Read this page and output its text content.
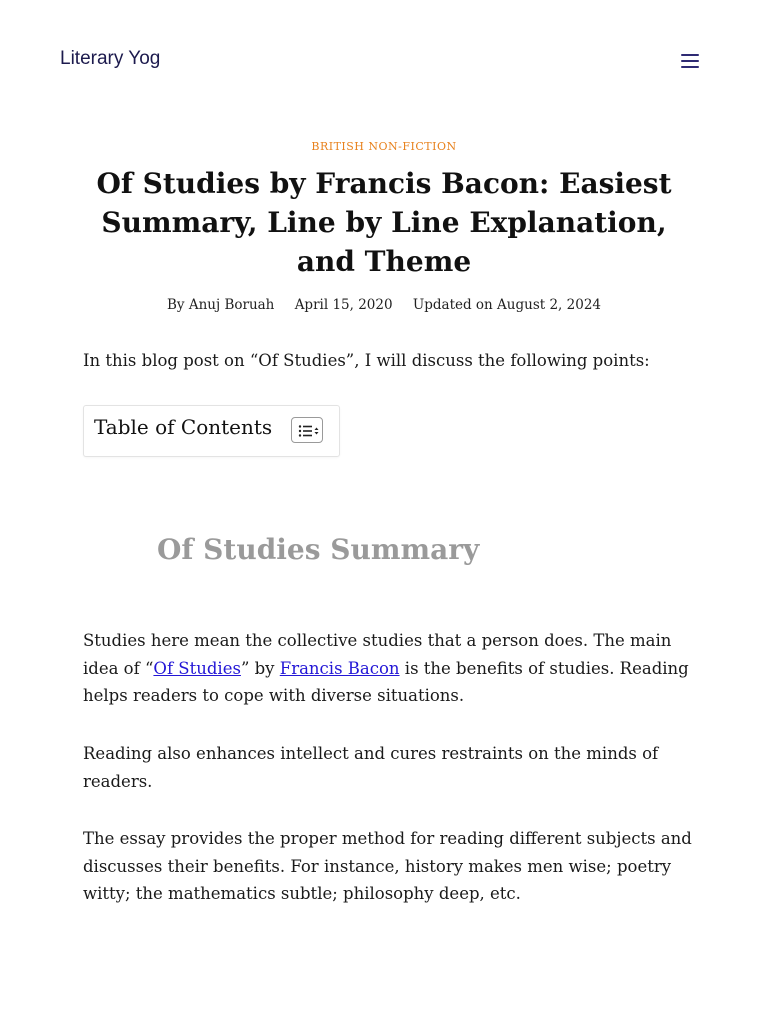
Literary Yog
BRITISH NON-FICTION
Of Studies by Francis Bacon: Easiest Summary, Line by Line Explanation, and Theme
By Anuj Boruah April 15, 2020 Updated on August 2, 2024

In this blog post on “Of Studies”, I will discuss the following points:

Table of Contents
Of Studies Summary

Studies here mean the collective studies that a person does. The main idea of “Of Studies” by Francis Bacon is the benefits of studies. Reading helps readers to cope with diverse situations.

Reading also enhances intellect and cures restraints on the minds of readers.

The essay provides the proper method for reading different subjects and discusses their benefits. For instance, history makes men wise; poetry witty; the mathematics subtle; philosophy deep, etc.
